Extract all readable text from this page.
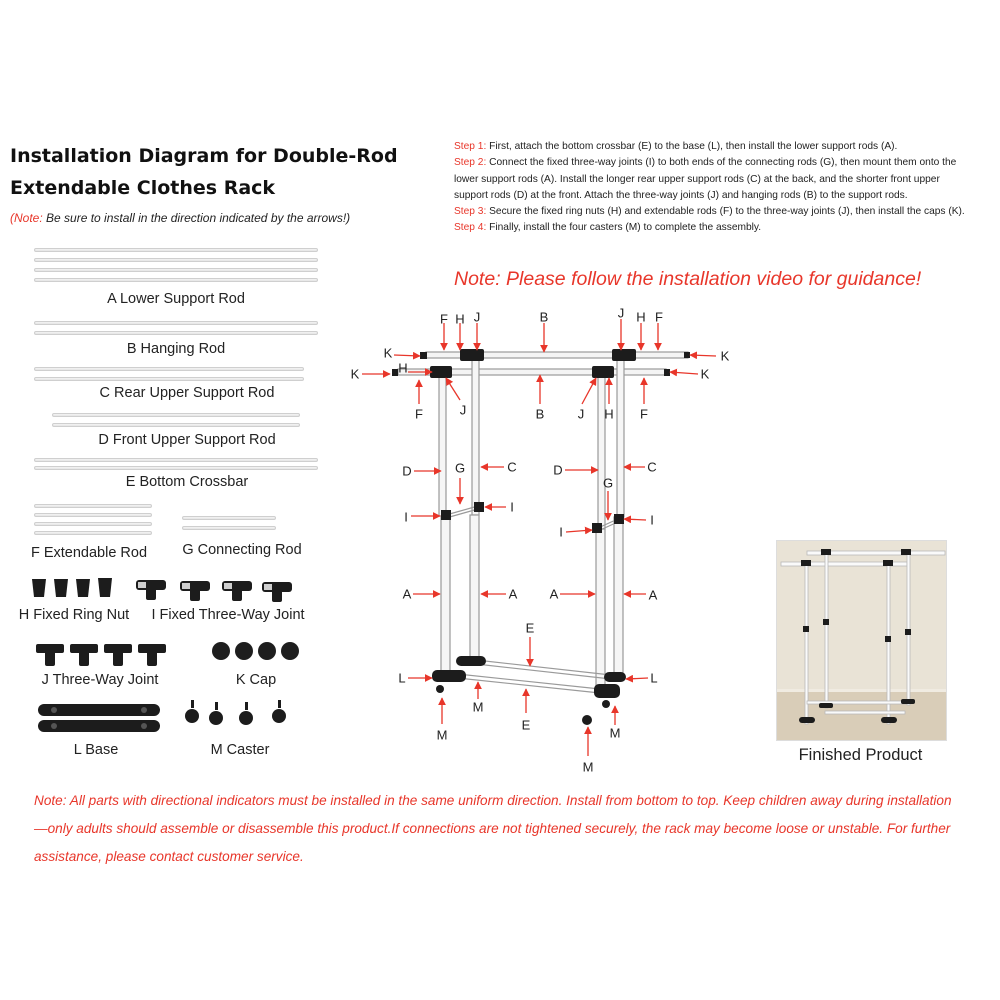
Installation Diagram for Double-Rod
Extendable Clothes Rack
(Note: Be sure to install in the direction indicated by the arrows!)
Step 1: First, attach the bottom crossbar (E) to the base (L), then install the lower support rods (A).
Step 2: Connect the fixed three-way joints (I) to both ends of the connecting rods (G), then mount them onto the lower support rods (A). Install the longer rear upper support rods (C) at the back, and the shorter front upper support rods (D) at the front. Attach the three-way joints (J) and hanging rods (B) to the support rods.
Step 3: Secure the fixed ring nuts (H) and extendable rods (F) to the three-way joints (J), then install the caps (K).
Step 4: Finally, install the four casters (M) to complete the assembly.
Note: Please follow the installation video for guidance!
A Lower Support Rod
B Hanging Rod
C Rear Upper Support Rod
D Front Upper Support Rod
E Bottom Crossbar
F Extendable Rod	G Connecting Rod
H Fixed Ring Nut	I Fixed Three-Way Joint
J Three-Way Joint	K Cap
L Base	M Caster
F H J	B	J H F
K	K
K	H	K
F	J	B	J H F
D	G	C	D
G
C
I
I
I
I
A	A A	A
E
E
L	L
M
M
M
M
Finished Product
Note: All parts with directional indicators must be installed in the same uniform direction. Install from bottom to top. Keep children away during installation—only adults should assemble or disassemble this product.If connections are not tightened securely, the rack may become loose or unstable. For further assistance, please contact customer service.
